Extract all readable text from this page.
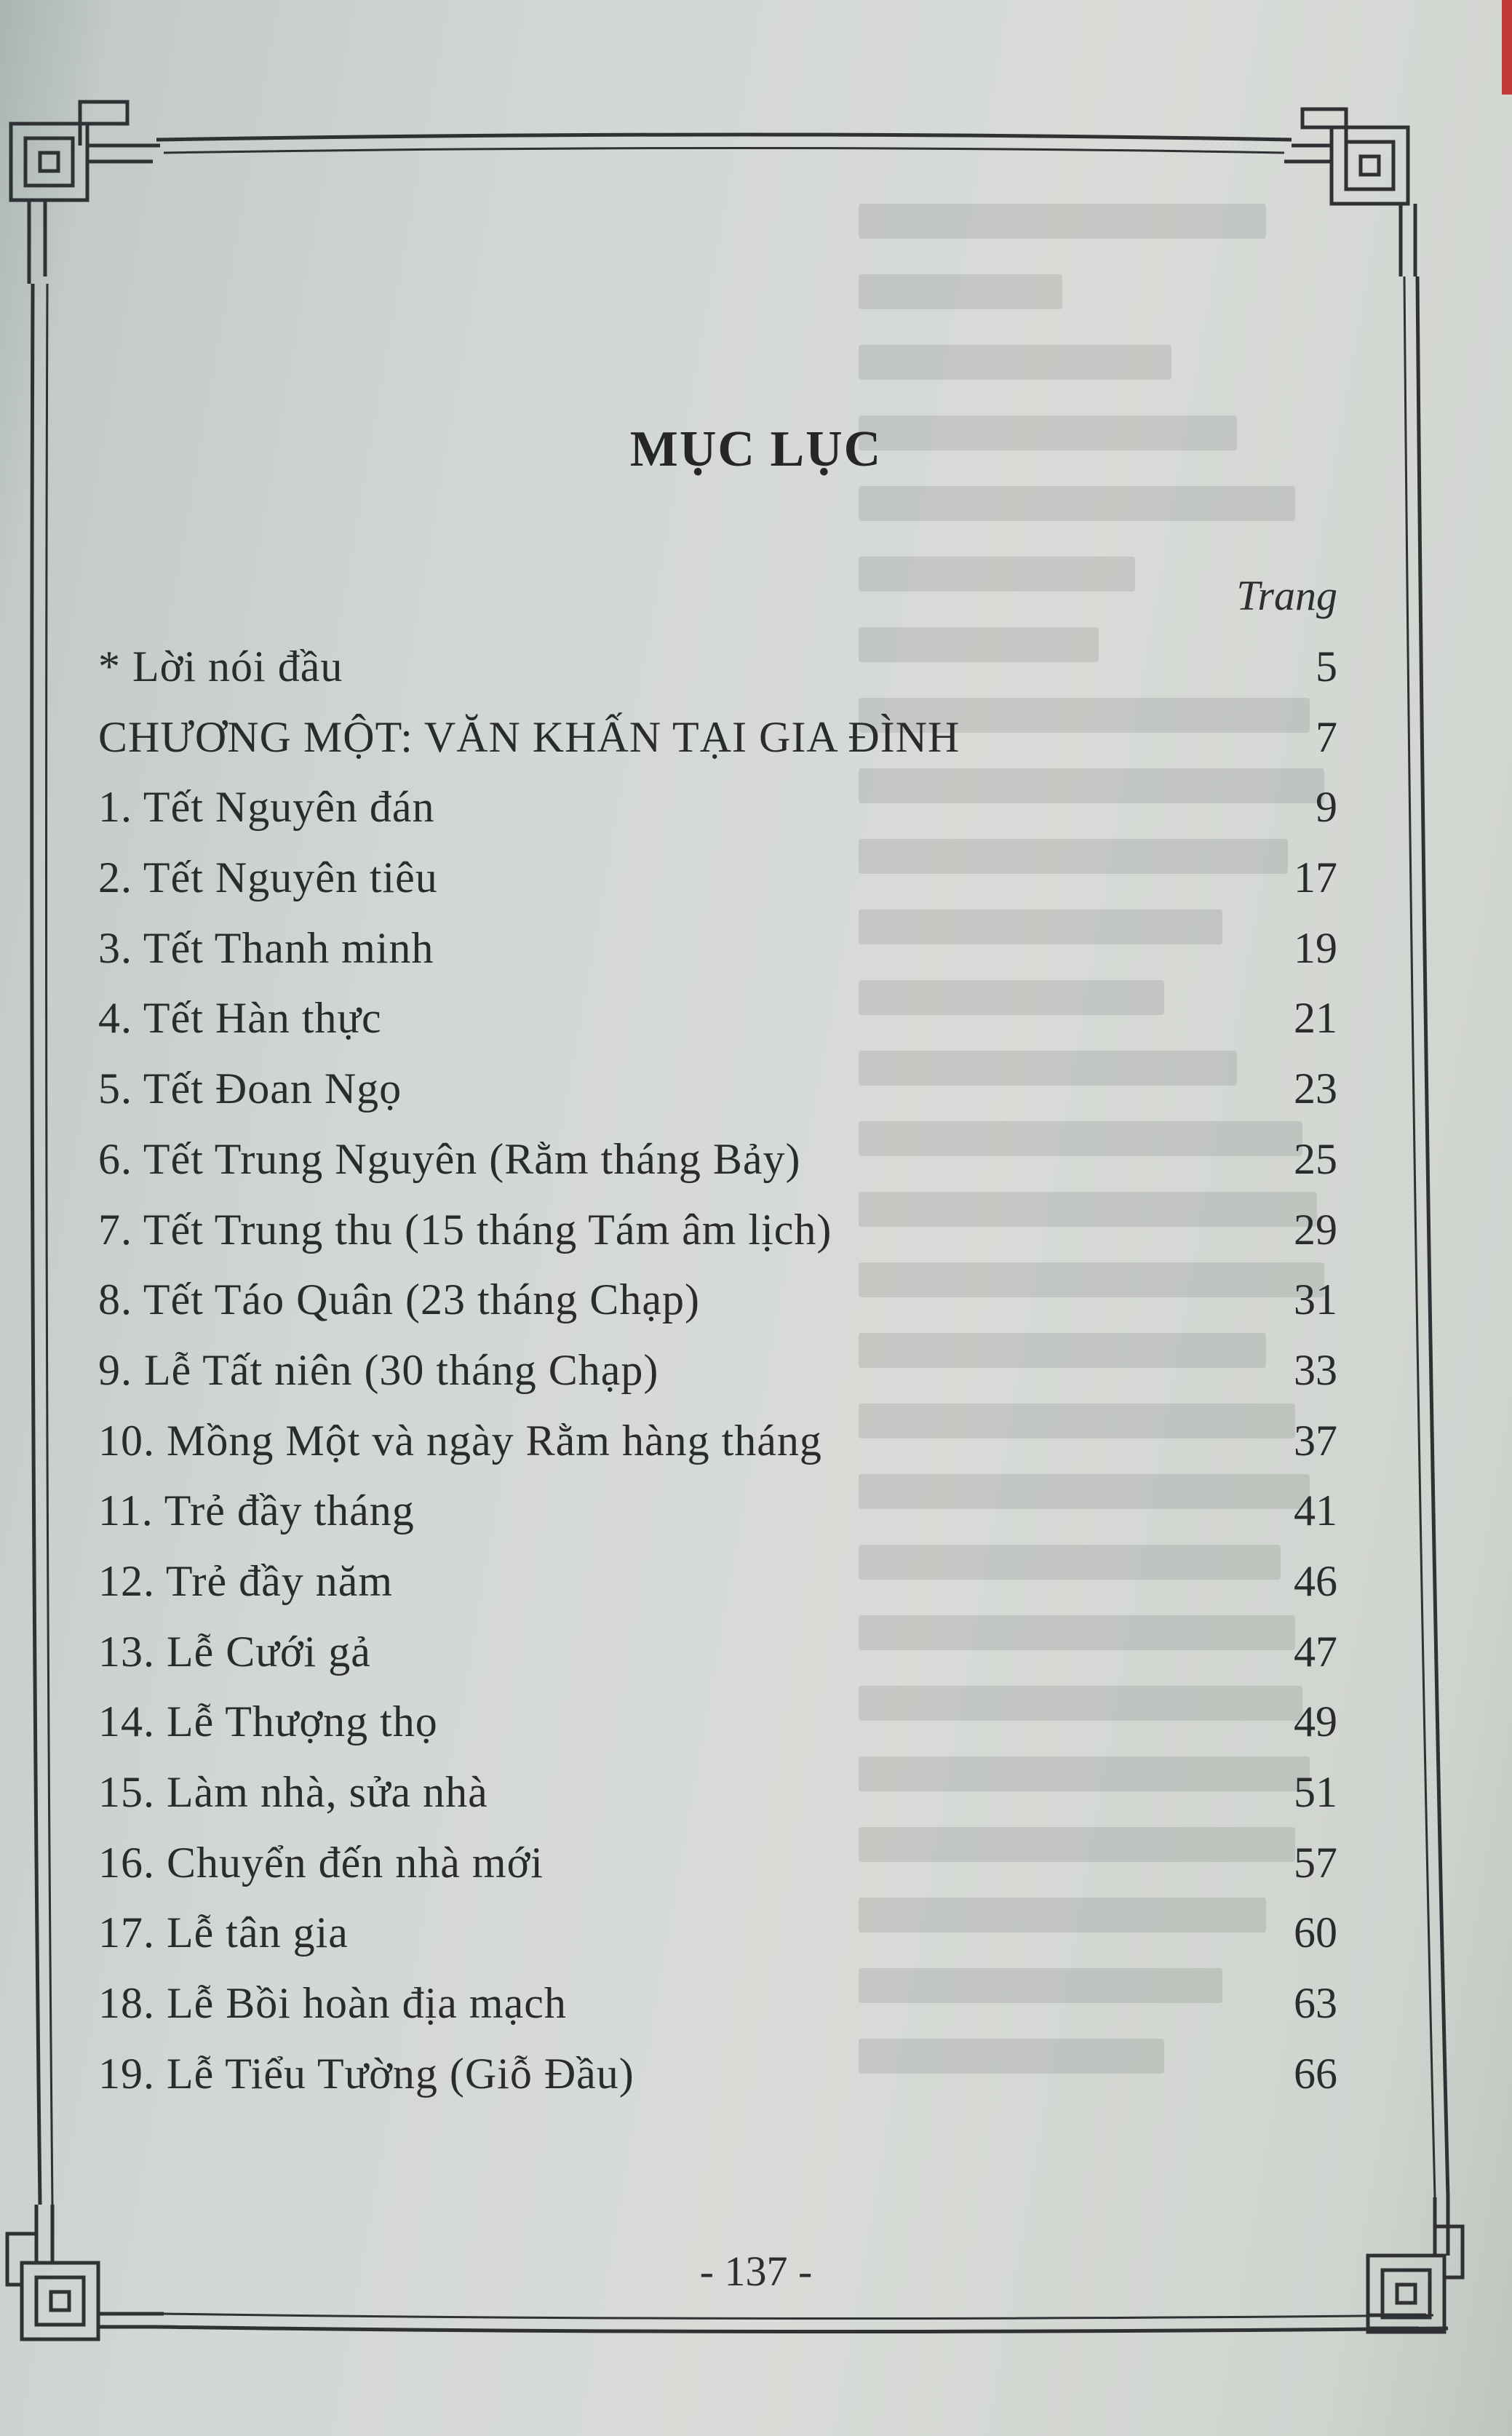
MỤC LỤC
Trang
* Lời nói đầu	5
CHƯƠNG MỘT: VĂN KHẤN TẠI GIA ĐÌNH	7
1. Tết Nguyên đán	9
2. Tết Nguyên tiêu	17
3. Tết Thanh minh	19
4. Tết Hàn thực	21
5. Tết Đoan Ngọ	23
6. Tết Trung Nguyên (Rằm tháng Bảy)	25
7. Tết Trung thu (15 tháng Tám âm lịch)	29
8. Tết Táo Quân (23 tháng Chạp)	31
9. Lễ Tất niên (30 tháng Chạp)	33
10. Mồng Một và ngày Rằm hàng tháng	37
11. Trẻ đầy tháng	41
12. Trẻ đầy năm	46
13. Lễ Cưới gả	47
14. Lễ Thượng thọ	49
15. Làm nhà, sửa nhà	51
16. Chuyển đến nhà mới	57
17. Lễ tân gia	60
18. Lễ Bồi hoàn địa mạch	63
19. Lễ Tiểu Tường (Giỗ Đầu)	66
- 137 -
